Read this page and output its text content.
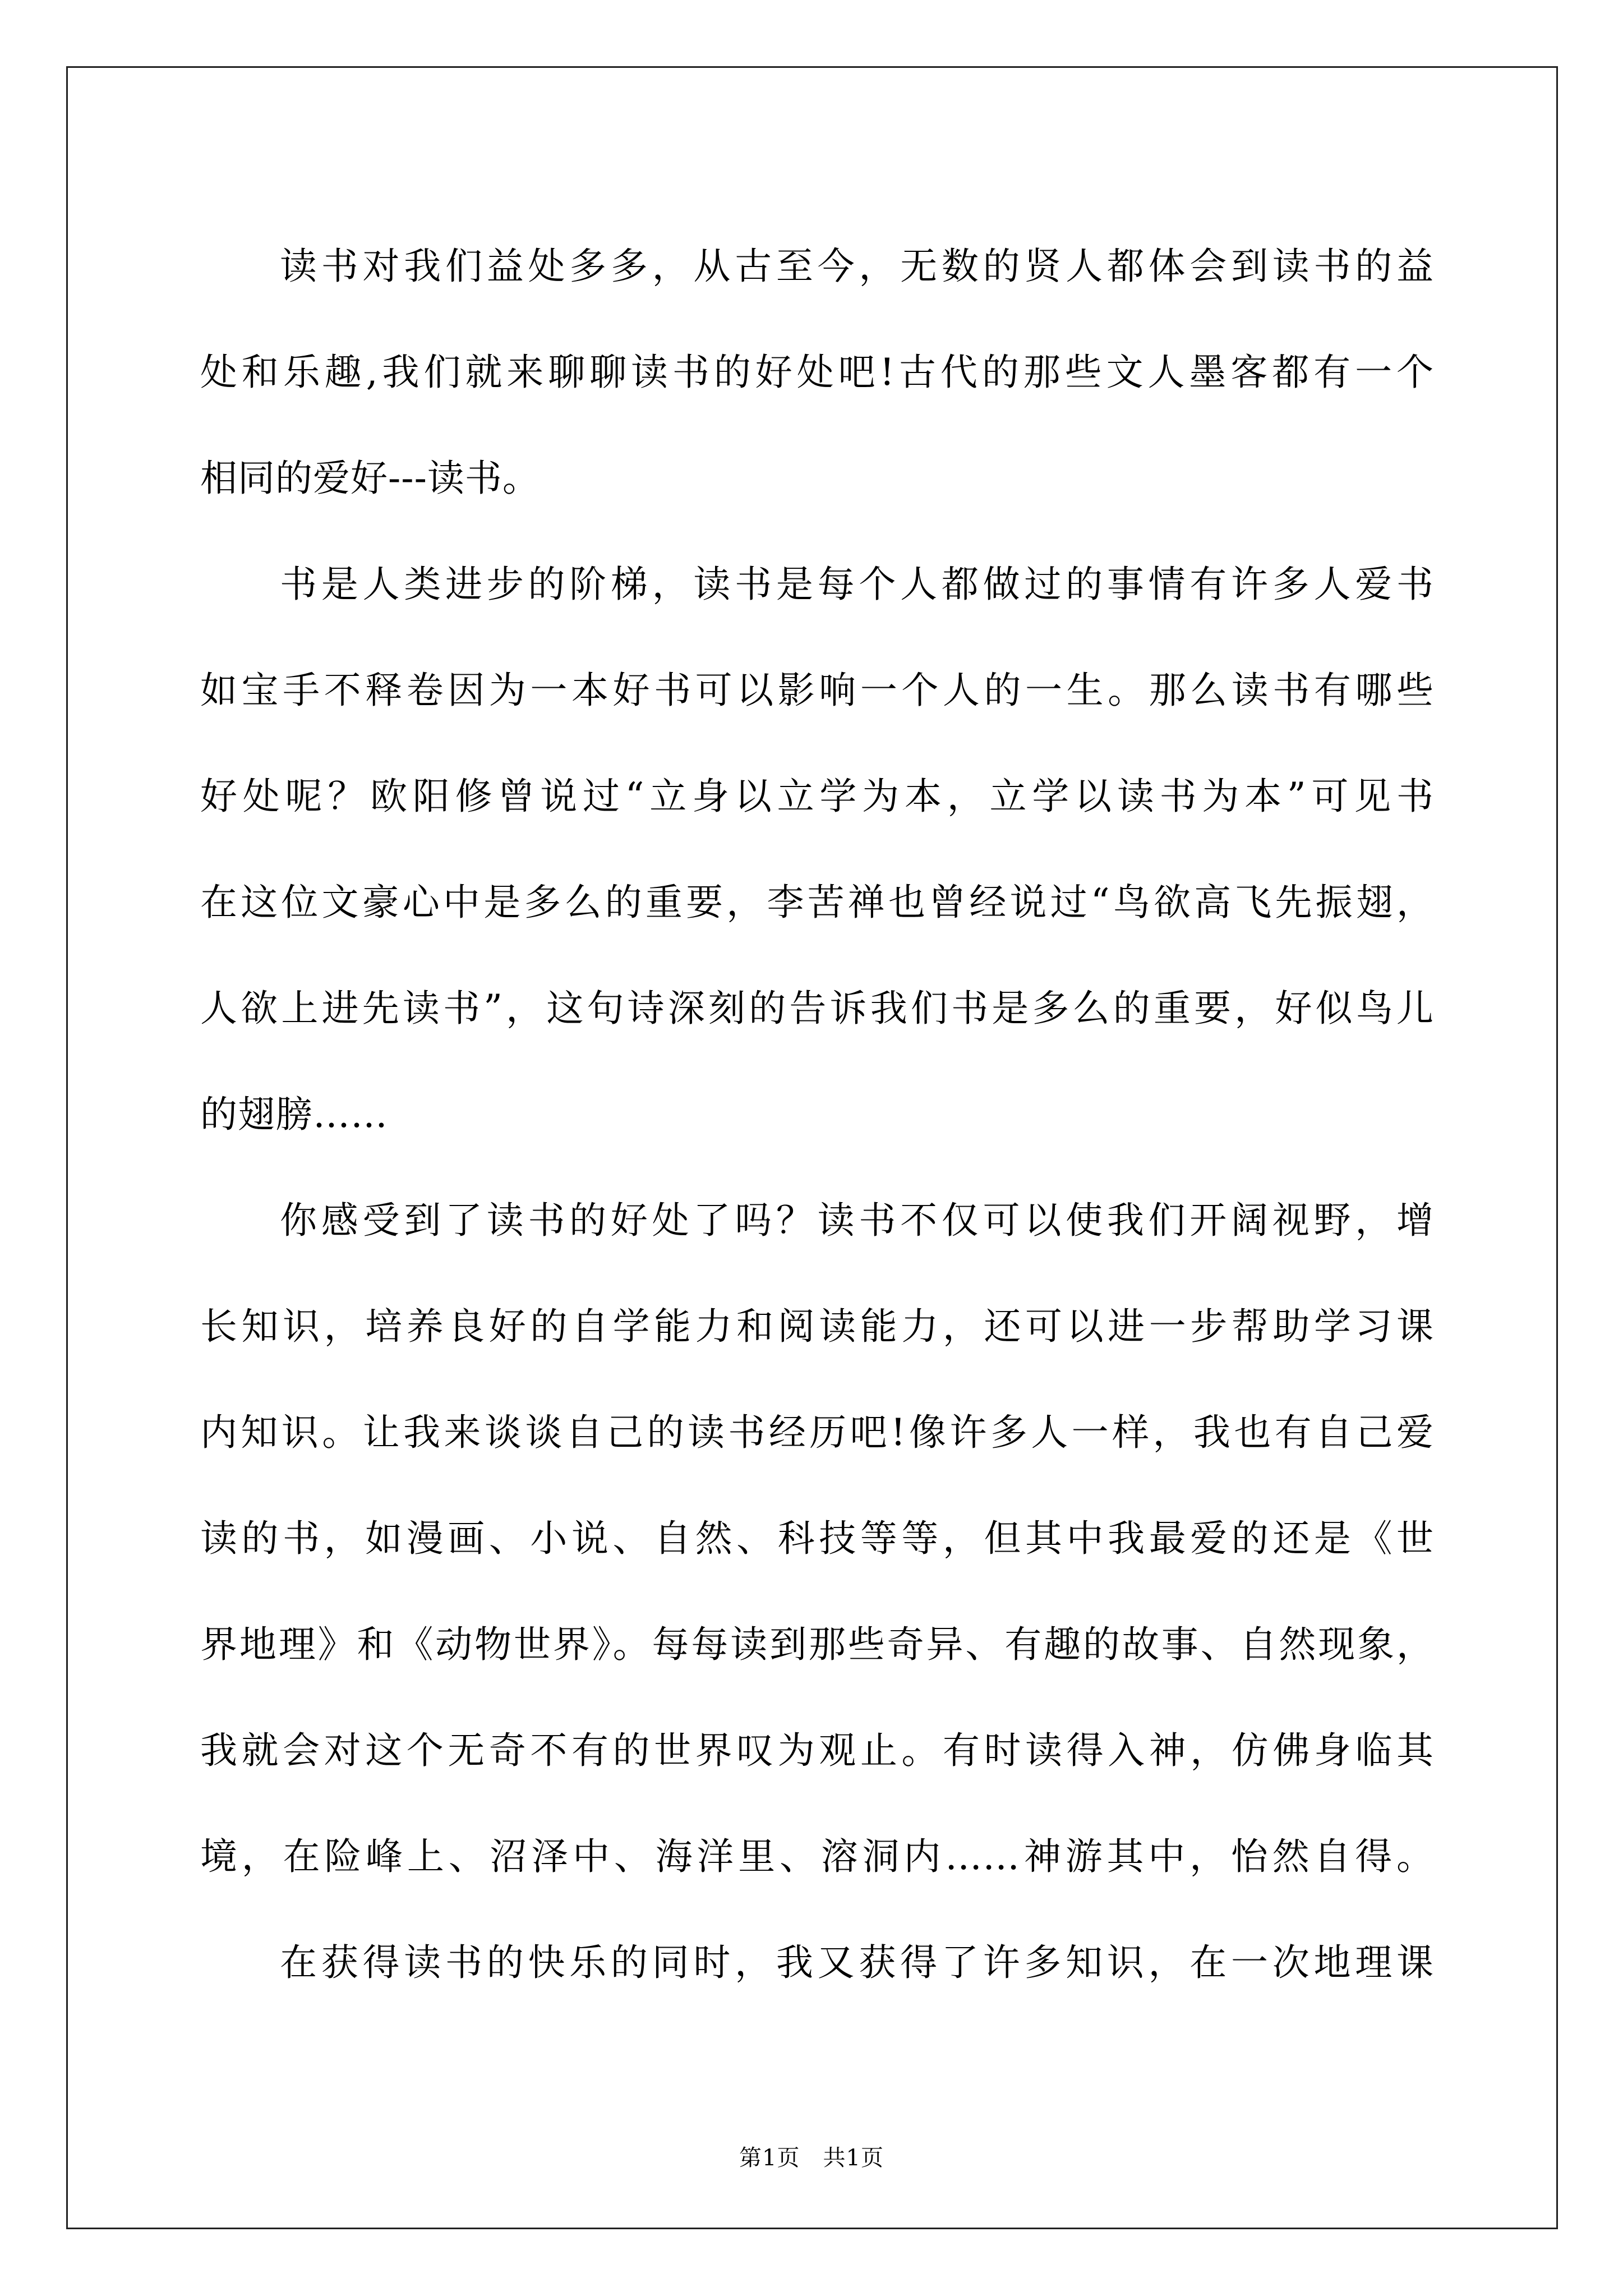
读书对我们益处多多，从古至今，无数的贤人都体会到读书的益
处和乐趣,我们就来聊聊读书的好处吧!古代的那些文人墨客都有一个
相同的爱好---读书。
书是人类进步的阶梯，读书是每个人都做过的事情有许多人爱书
如宝手不释卷因为一本好书可以影响一个人的一生。那么读书有哪些
好处呢？欧阳修曾说过“立身以立学为本，立学以读书为本”可见书
在这位文豪心中是多么的重要，李苦禅也曾经说过“鸟欲高飞先振翅，
人欲上进先读书”，这句诗深刻的告诉我们书是多么的重要，好似鸟儿
的翅膀……
你感受到了读书的好处了吗？读书不仅可以使我们开阔视野，增
长知识，培养良好的自学能力和阅读能力，还可以进一步帮助学习课
内知识。让我来谈谈自己的读书经历吧!像许多人一样，我也有自己爱
读的书，如漫画、小说、自然、科技等等，但其中我最爱的还是《世
界地理》和《动物世界》。每每读到那些奇异、有趣的故事、自然现象，
我就会对这个无奇不有的世界叹为观止。有时读得入神，仿佛身临其
境，在险峰上、沼泽中、海洋里、溶洞内……神游其中，怡然自得。
在获得读书的快乐的同时，我又获得了许多知识，在一次地理课
第1页　共1页
